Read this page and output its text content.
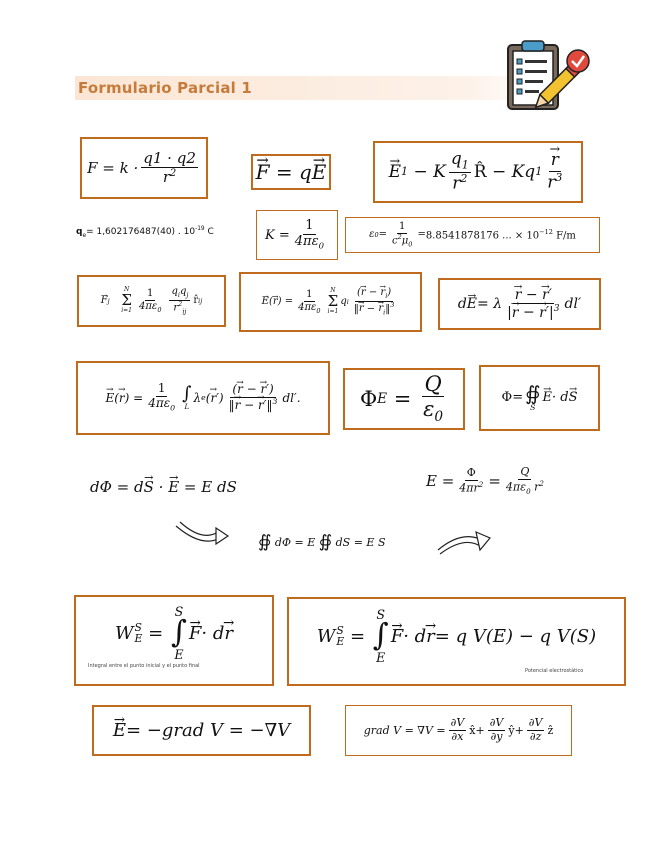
Formulario Parcial 1
$F = k \cdot \frac{q1 \cdot q2}{r^2}$
→	F = q
→ E
→	E 1 − K $\frac{q_1}{r^2}$ R̂ − Kq 1
→ $\frac{r}{r^3}$
$q_e= 1,602176487(40)$ . $10^{-19}$ C	$K = \frac{1}{4\pi\varepsilon_0}$	ε $0 = \frac{1}{c^2\mu_0} = 8.8541878176$ ... × $10^{-12}$ F/m
→ F j

N
Σ
$i=1 \frac{1}{4\pi\varepsilon_0} \frac{q_iq_j}{r^2_{ij}}$ r̂ ij
→	E (
→ r ) = $\frac{1}{4\pi\varepsilon_0}$ N
Σ
i=1
q i $\frac{(\to r - \to r_i)}{‖\to r - \to r_i‖^3}$	d
→ E = λ
→ $\frac{r - \to r'}{|\to r - \to r'|^3} dl'$
→ E (
→ r ) = $\frac{1}{4\pi\varepsilon_0}$ ∫
L
λ e (
→ r ′) $\frac{(\to r - \to r')}{‖\to r - \to r'‖^3} dl'$.	Φ $E = \frac{Q}{\varepsilon_0}$	Φ = ∯
S
→ E · d
→ S
dΦ = d→ S · → E = E dS	$E = \frac{\Phi}{4\pi r^2} = \frac{Q}{4\pi\varepsilon_0 r^2}$
∯ dΦ = E ∯ dS = E S
W S
E =
S
∫
E
→ F · d
→ r
Integral entre el punto inicial y el punto final
W S
E =
S
∫
E
→ F · d
→ r = q V(E) − q V(S)
Potencial electrostático
→ E = −grad V = −∇V	grad $V = \nabla V = \frac{\partial V}{\partial x}$ x̂ + $\frac{\partial V}{\partial y}$ ŷ + $\frac{\partial V}{\partial z}$ ẑ
